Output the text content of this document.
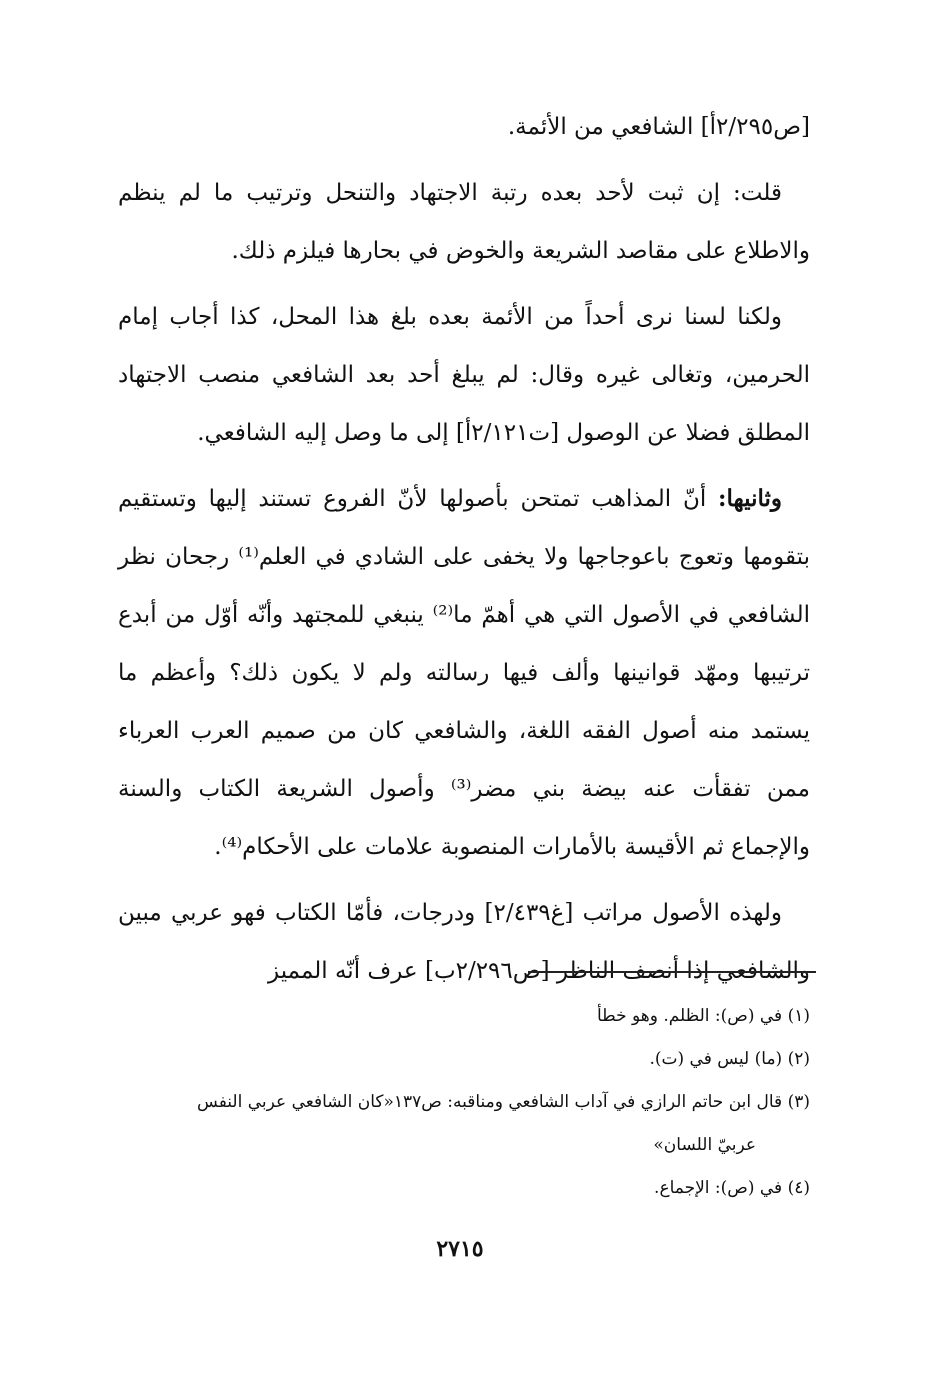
[ص٢/٢٩٥أ] الشافعي من الأئمة.

قلت: إن ثبت لأحد بعده رتبة الاجتهاد والتنحل وترتيب ما لم ينظم والاطلاع على مقاصد الشريعة والخوض في بحارها فيلزم ذلك.

ولكنا لسنا نرى أحداً من الأئمة بعده بلغ هذا المحل، كذا أجاب إمام الحرمين، وتغالى غيره وقال: لم يبلغ أحد بعد الشافعي منصب الاجتهاد المطلق فضلا عن الوصول [ت٢/١٢١أ] إلى ما وصل إليه الشافعي.

وثانيها: أنّ المذاهب تمتحن بأصولها لأنّ الفروع تستند إليها وتستقيم بتقومها وتعوج باعوجاجها ولا يخفى على الشادي في العلم⁽¹⁾ رجحان نظر الشافعي في الأصول التي هي أهمّ ما⁽²⁾ ينبغي للمجتهد وأنّه أوّل من أبدع ترتيبها ومهّد قوانينها وألف فيها رسالته ولم لا يكون ذلك؟ وأعظم ما يستمد منه أصول الفقه اللغة، والشافعي كان من صميم العرب العرباء ممن تفقأت عنه بيضة بني مضر⁽³⁾ وأصول الشريعة الكتاب والسنة والإجماع ثم الأقيسة بالأمارات المنصوبة علامات على الأحكام⁽⁴⁾.

ولهذه الأصول مراتب [غ٢/٤٣٩] ودرجات، فأمّا الكتاب فهو عربي مبين والشافعي إذا أنصف الناظر [ص٢/٢٩٦ب] عرف أنّه المميز

(١) في (ص): الظلم. وهو خطأ

(٢) (ما) ليس في (ت).

(٣) قال ابن حاتم الرازي في آداب الشافعي ومناقبه: ص١٣٧«كان الشافعي عربي النفس

عربيّ اللسان»

(٤) في (ص): الإجماع.

٢٧١٥
